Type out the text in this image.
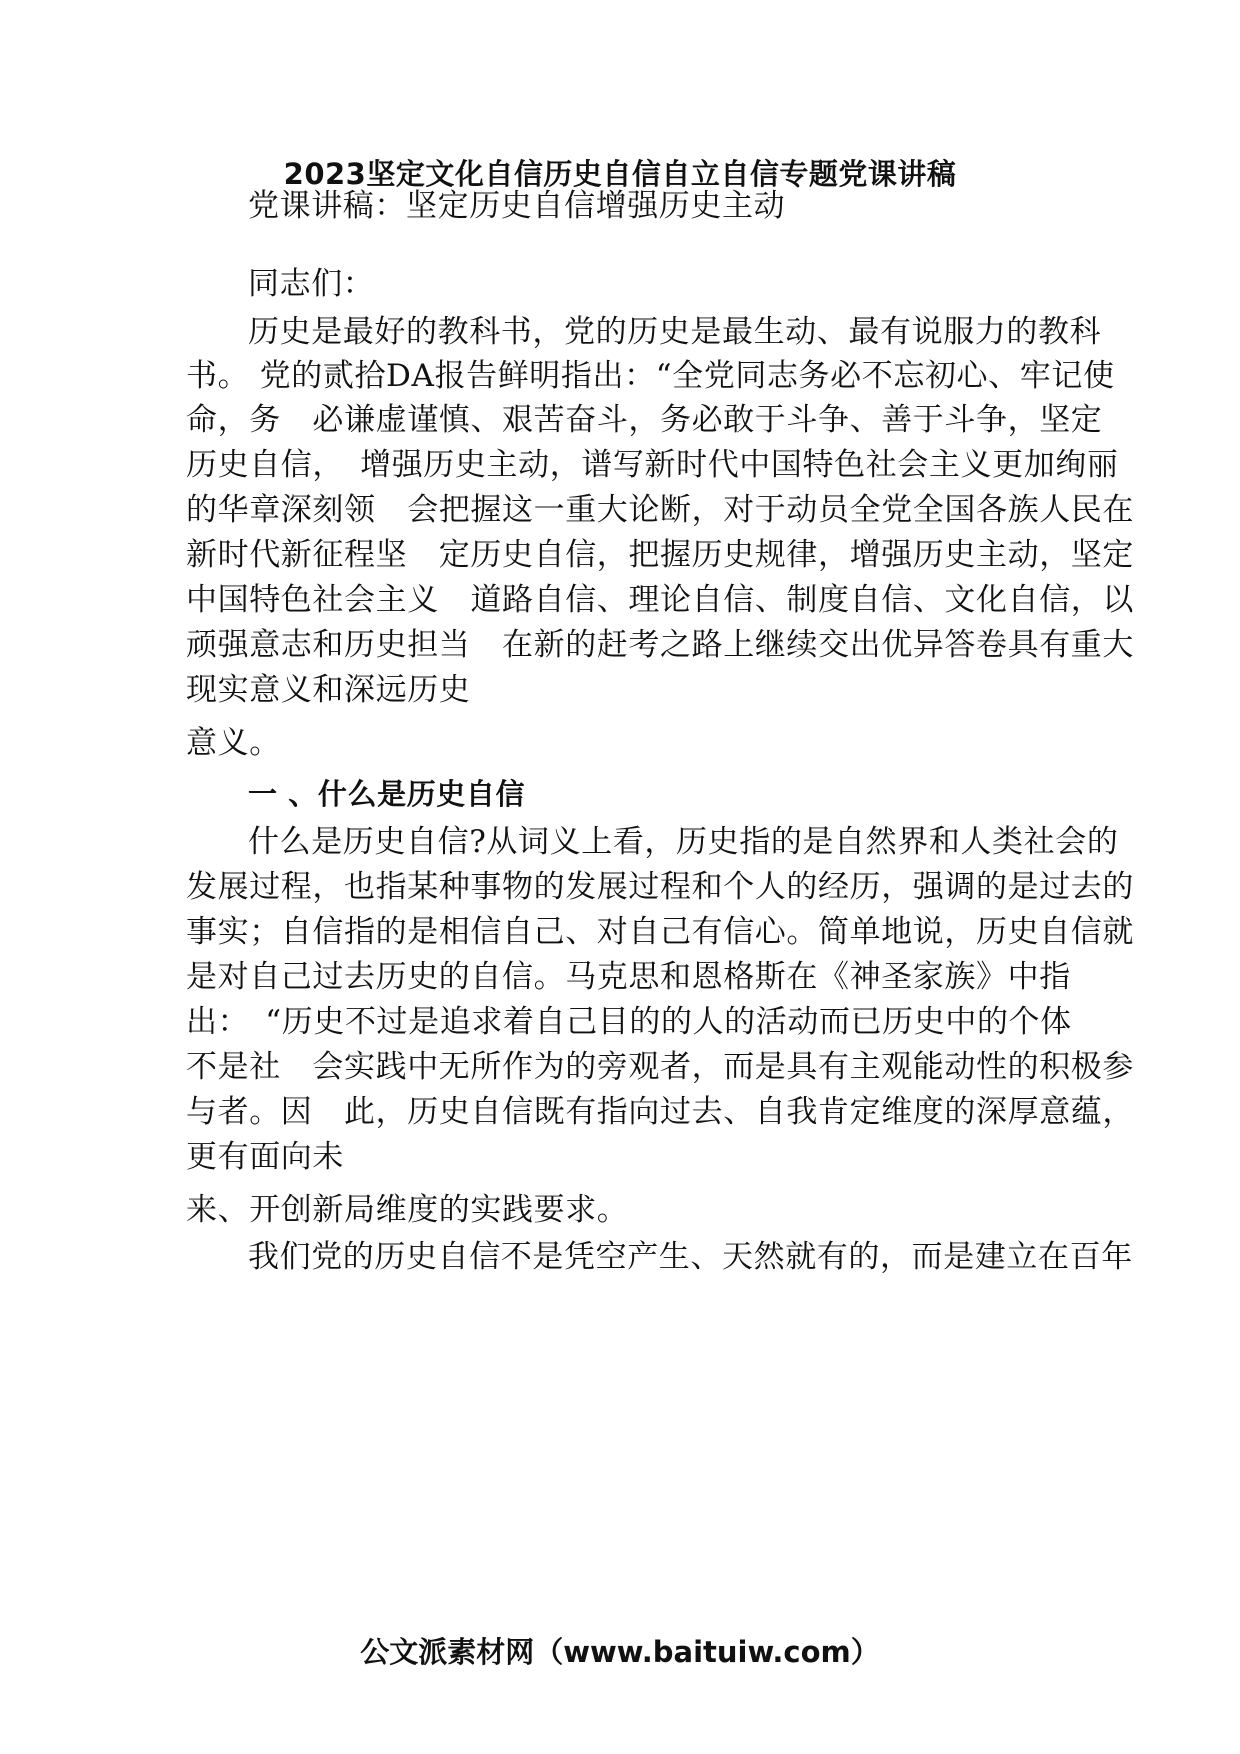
2023坚定文化自信历史自信自立自信专题党课讲稿
党课讲稿：坚定历史自信增强历史主动
同志们：
历史是最好的教科书，党的历史是最生动、最有说服力的教科
书。 党的贰拾DA报告鲜明指出：“全党同志务必不忘初心、牢记使
命，务　必谦虚谨慎、艰苦奋斗，务必敢于斗争、善于斗争，坚定
历史自信，　增强历史主动，谱写新时代中国特色社会主义更加绚丽
的华章深刻领　会把握这一重大论断，对于动员全党全国各族人民在
新时代新征程坚　定历史自信，把握历史规律，增强历史主动，坚定
中国特色社会主义　道路自信、理论自信、制度自信、文化自信，以
顽强意志和历史担当　在新的赶考之路上继续交出优异答卷具有重大
现实意义和深远历史
意义。
一 、什么是历史自信
什么是历史自信?从词义上看，历史指的是自然界和人类社会的
发展过程，也指某种事物的发展过程和个人的经历，强调的是过去的
事实；自信指的是相信自己、对自己有信心。简单地说，历史自信就
是对自己过去历史的自信。马克思和恩格斯在《神圣家族》中指
出：　“历史不过是追求着自己目的的人的活动而已历史中的个体
不是社　会实践中无所作为的旁观者，而是具有主观能动性的积极参
与者。因　此，历史自信既有指向过去、自我肯定维度的深厚意蕴，
更有面向未
来、开创新局维度的实践要求。
我们党的历史自信不是凭空产生、天然就有的，而是建立在百年
公文派素材网（www.baituiw.com）
